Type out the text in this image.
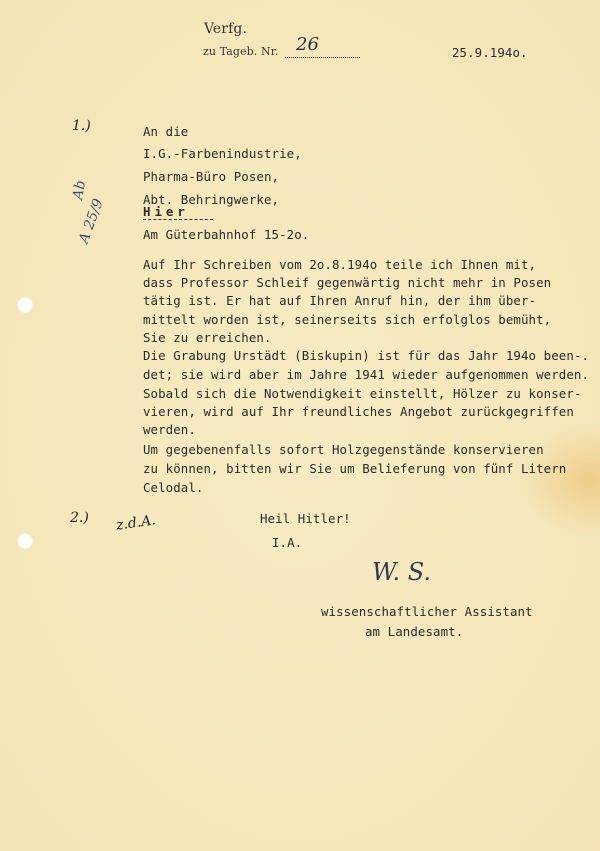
Verfg.
zu Tageb. Nr. 26	25.9.194o.
1.)
Ab
A 25/9
2.) z.d.A.
An die
I.G.-Farbenindustrie,
Pharma-Büro Posen,
Abt. Behringwerke,
Hier
Am Güterbahnhof 15-2o.
Auf Ihr Schreiben vom 2o.8.194o teile ich Ihnen mit,
dass Professor Schleif gegenwärtig nicht mehr in Posen
tätig ist. Er hat auf Ihren Anruf hin, der ihm über-
mittelt worden ist, seinerseits sich erfolglos bemüht,
Sie zu erreichen.
Die Grabung Urstädt (Biskupin) ist für das Jahr 194o been-.
det; sie wird aber im Jahre 1941 wieder aufgenommen werden.
Sobald sich die Notwendigkeit einstellt, Hölzer zu konser-
vieren, wird auf Ihr freundliches Angebot zurückgegriffen
werden.
Um gegebenenfalls sofort Holzgegenstände konservieren
zu können, bitten wir Sie um Belieferung von fünf Litern
Celodal.
Heil Hitler!
I.A.
W. S.
wissenschaftlicher Assistant
am Landesamt.
